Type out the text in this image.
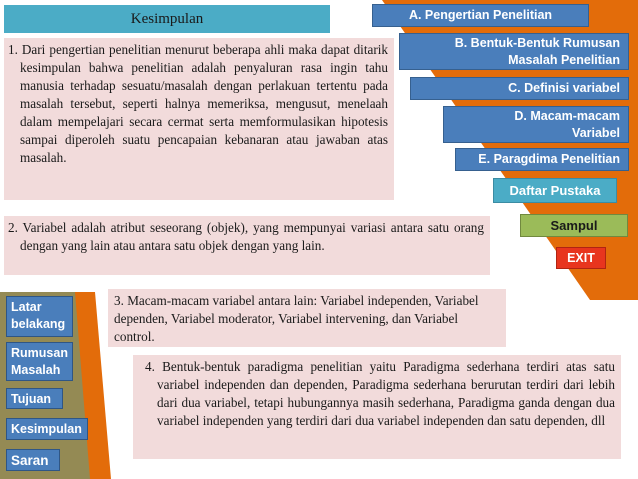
Kesimpulan	A. Pengertian Penelitian
B. Bentuk-Bentuk Rumusan
Masalah Penelitian
C. Definisi variabel
D. Macam-macam
Variabel
E. Paragdima Penelitian
Daftar Pustaka
Sampul
EXIT
Latar
belakang
Rumusan
Masalah
Tujuan
Kesimpulan
Saran
1. Dari pengertian penelitian menurut beberapa ahli maka dapat ditarik kesimpulan bahwa penelitian adalah penyaluran rasa ingin tahu manusia terhadap sesuatu/masalah dengan perlakuan tertentu pada masalah tersebut, seperti halnya memeriksa, mengusut, menelaah dalam mempelajari secara cermat serta memformulasikan hipotesis sampai diperoleh suatu pencapaian kebanaran atau jawaban atas masalah.
2. Variabel adalah atribut seseorang (objek), yang mempunyai variasi antara satu orang dengan yang lain atau antara satu objek dengan yang lain.
3. Macam-macam variabel antara lain: Variabel independen, Variabel dependen, Variabel moderator, Variabel intervening, dan Variabel control.
4. Bentuk-bentuk paradigma penelitian yaitu Paradigma sederhana terdiri atas satu variabel independen dan dependen, Paradigma sederhana berurutan terdiri dari lebih dari dua variabel, tetapi hubungannya masih sederhana, Paradigma ganda dengan dua variabel independen yang terdiri dari dua variabel independen dan satu dependen, dll
